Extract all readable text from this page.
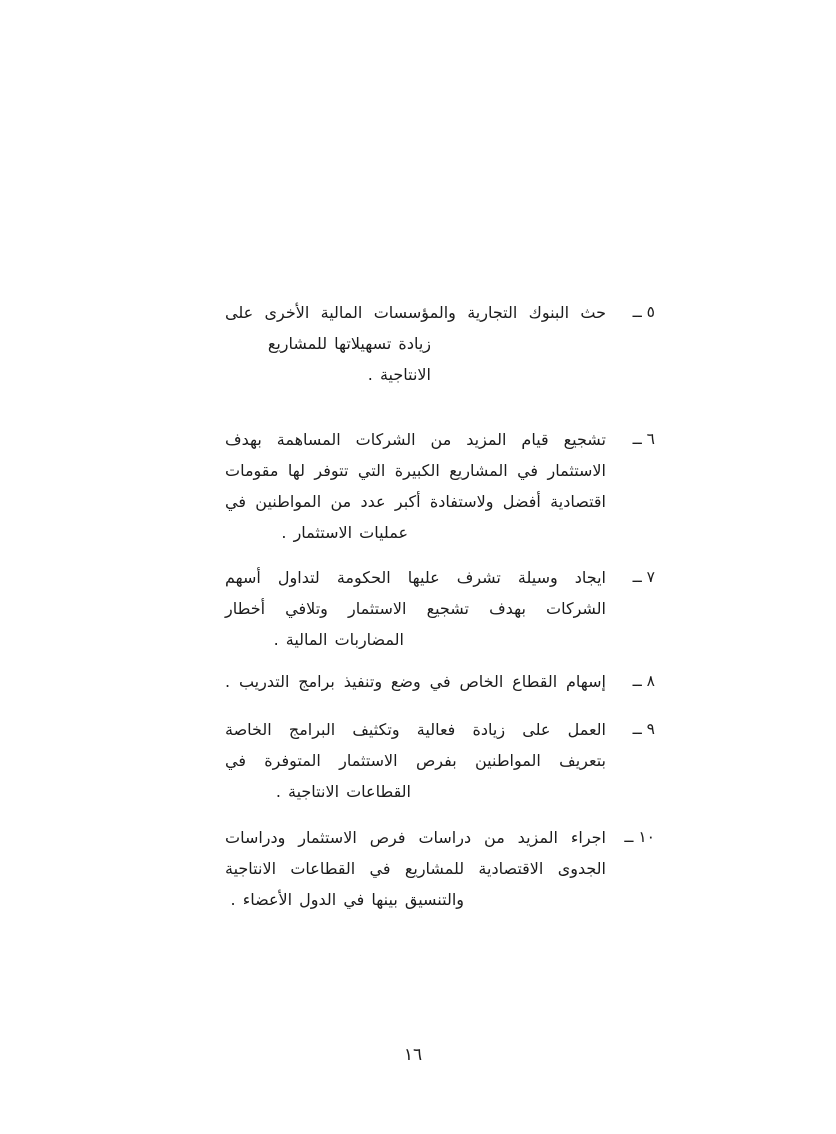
٥ ــ
حث البنوك التجارية والمؤسسات المالية الأخرى على
زيادة تسهيلاتها للمشاريع الانتاجية .
٦ ــ
تشجيع قيام المزيد من الشركات المساهمة بهدف
الاستثمار في المشاريع الكبيرة التي تتوفر لها مقومات
اقتصادية أفضل ولاستفادة أكبر عدد من المواطنين في
عمليات الاستثمار .
٧ ــ
ايجاد وسيلة تشرف عليها الحكومة لتداول أسهم
الشركات بهدف تشجيع الاستثمار وتلافي أخطار
المضاربات المالية .
٨ ــ
إسهام القطاع الخاص في وضع وتنفيذ برامج التدريب .
٩ ــ
العمل على زيادة فعالية وتكثيف البرامج الخاصة
بتعريف المواطنين بفرص الاستثمار المتوفرة في
القطاعات الانتاجية .
١٠ ــ
اجراء المزيد من دراسات فرص الاستثمار ودراسات
الجدوى الاقتصادية للمشاريع في القطاعات الانتاجية
والتنسيق بينها في الدول الأعضاء .
١٦
